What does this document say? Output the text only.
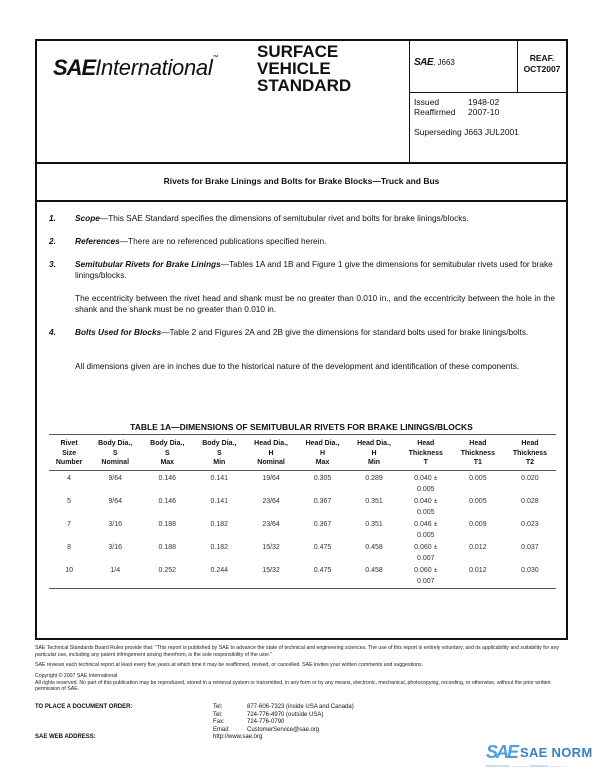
SAEInternational™ SURFACE
VEHICLE
STANDARD
SAE, J663	REAF.
OCT2007
Issued	1948-02
Reaffirmed	2007-10
Superseding J663 JUL2001
Rivets for Brake Linings and Bolts for Brake Blocks—Truck and Bus
1. Scope—This SAE Standard specifies the dimensions of semitubular rivet and bolts for brake linings/blocks.
2. References—There are no referenced publications specified herein.
3. Semitubular Rivets for Brake Linings—Tables 1A and 1B and Figure 1 give the dimensions for semitubular rivets used for brake linings/blocks.
The eccentricity between the rivet head and shank must be no greater than 0.010 in., and the eccentricity between the hole in the shank and the shank must be no greater than 0.010 in.
4. Bolts Used for Blocks—Table 2 and Figures 2A and 2B give the dimensions for standard bolts used for brake linings/bolts.
All dimensions given are in inches due to the historical nature of the development and identification of these components.
TABLE 1A—DIMENSIONS OF SEMITUBULAR RIVETS FOR BRAKE LININGS/BLOCKS
Rivet
Size
Number

Body Dia.,
S
Nominal

Body Dia.,
S
Max

Body Dia.,
S
Min

Head Dia.,
H
Nominal

Head Dia.,
H
Max

Head Dia.,
H
Min

Head
Thickness
T

Head
Thickness
T1

Head
Thickness
T2

4	9/64	0.146	0.141	19/64	0.305	0.289	0.040 ±
0.005	0.005	0.020

5	9/64	0.146	0.141	23/64	0.367	0.351	0.040 ±
0.005	0.005	0.028

7	3/16	0.188	0.182	23/64	0.367	0.351	0.046 ±
0.005	0.009	0.023

8	3/16	0.188	0.182	15/32	0.475	0.458	0.060 ±
0.007	0.012	0.037

10	1/4	0.252	0.244	15/32	0.475	0.458	0.060 ±
0.007	0.012	0.030
SAE Technical Standards Board Rules provide that: "This report is published by SAE to advance the state of technical and engineering sciences. The use of this report is entirely voluntary, and its applicability and suitability for any particular use, including any patent infringement arising therefrom, is the sole responsibility of the user."
SAE reviews each technical report at least every five years at which time it may be reaffirmed, revised, or cancelled. SAE invites your written comments and suggestions.
Copyright © 2007 SAE International
All rights reserved. No part of this publication may be reproduced, stored in a retrieval system or transmitted, in any form or by any means, electronic, mechanical, photocopying, recording, or otherwise, without the prior written permission of SAE.
TO PLACE A DOCUMENT ORDER:
SAE WEB ADDRESS:
Tel:	877-606-7323 (inside USA and Canada)
Tel:	724-776-4970 (outside USA)
Fax:	724-776-0790
Email:	CustomerService@sae.org
http://www.sae.org
SAE SAE NORM
INTERNATIONAL —————— STANDARDS ——————
